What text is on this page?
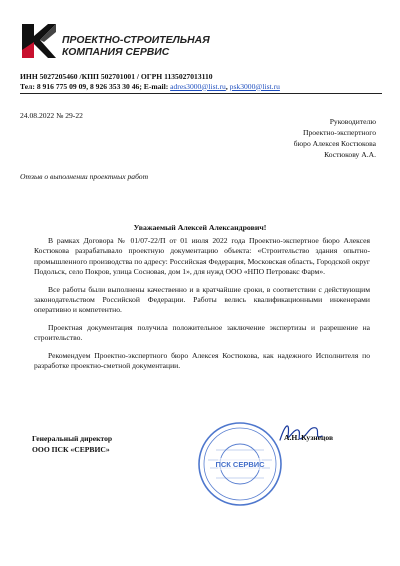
ПРОЕКТНО-СТРОИТЕЛЬНАЯ
КОМПАНИЯ СЕРВИС
ИНН 5027205460 /КПП 502701001 / ОГРН 1135027013110
Тел: 8 916 775 09 09, 8 926 353 30 46; E-mail: adres3000@list.ru, psk3000@list.ru
24.08.2022 № 29-22
Руководителю
Проектно-экспертного
бюро Алексея Костюкова
Костюкову А.А.
Отзыв о выполнении проектных работ
Уважаемый Алексей Александрович!

В рамках Договора № 01/07-22/П от 01 июля 2022 года Проектно-экспертное бюро Алексея Костюкова разрабатывало проектную документацию объекта: «Строительство здания опытно-промышленного производства по адресу: Российская Федерация, Московская область, Городской округ Подольск, село Покров, улица Сосновая, дом 1», для нужд ООО «НПО Петровакс Фарм».

Все работы были выполнены качественно и в кратчайшие сроки, в соответствии с действующим законодательством Российской Федерации. Работы велись квалификационными инженерами оперативно и компетентно.

Проектная документация получила положительное заключение экспертизы и разрешение на строительство.

Рекомендуем Проектно-экспертного бюро Алексея Костюкова, как надежного Исполнителя по разработке проектно-сметной документации.

ПСК СЕРВИС
Генеральный директор
ООО ПСК «СЕРВИС»
А.Н. Кузнецов
